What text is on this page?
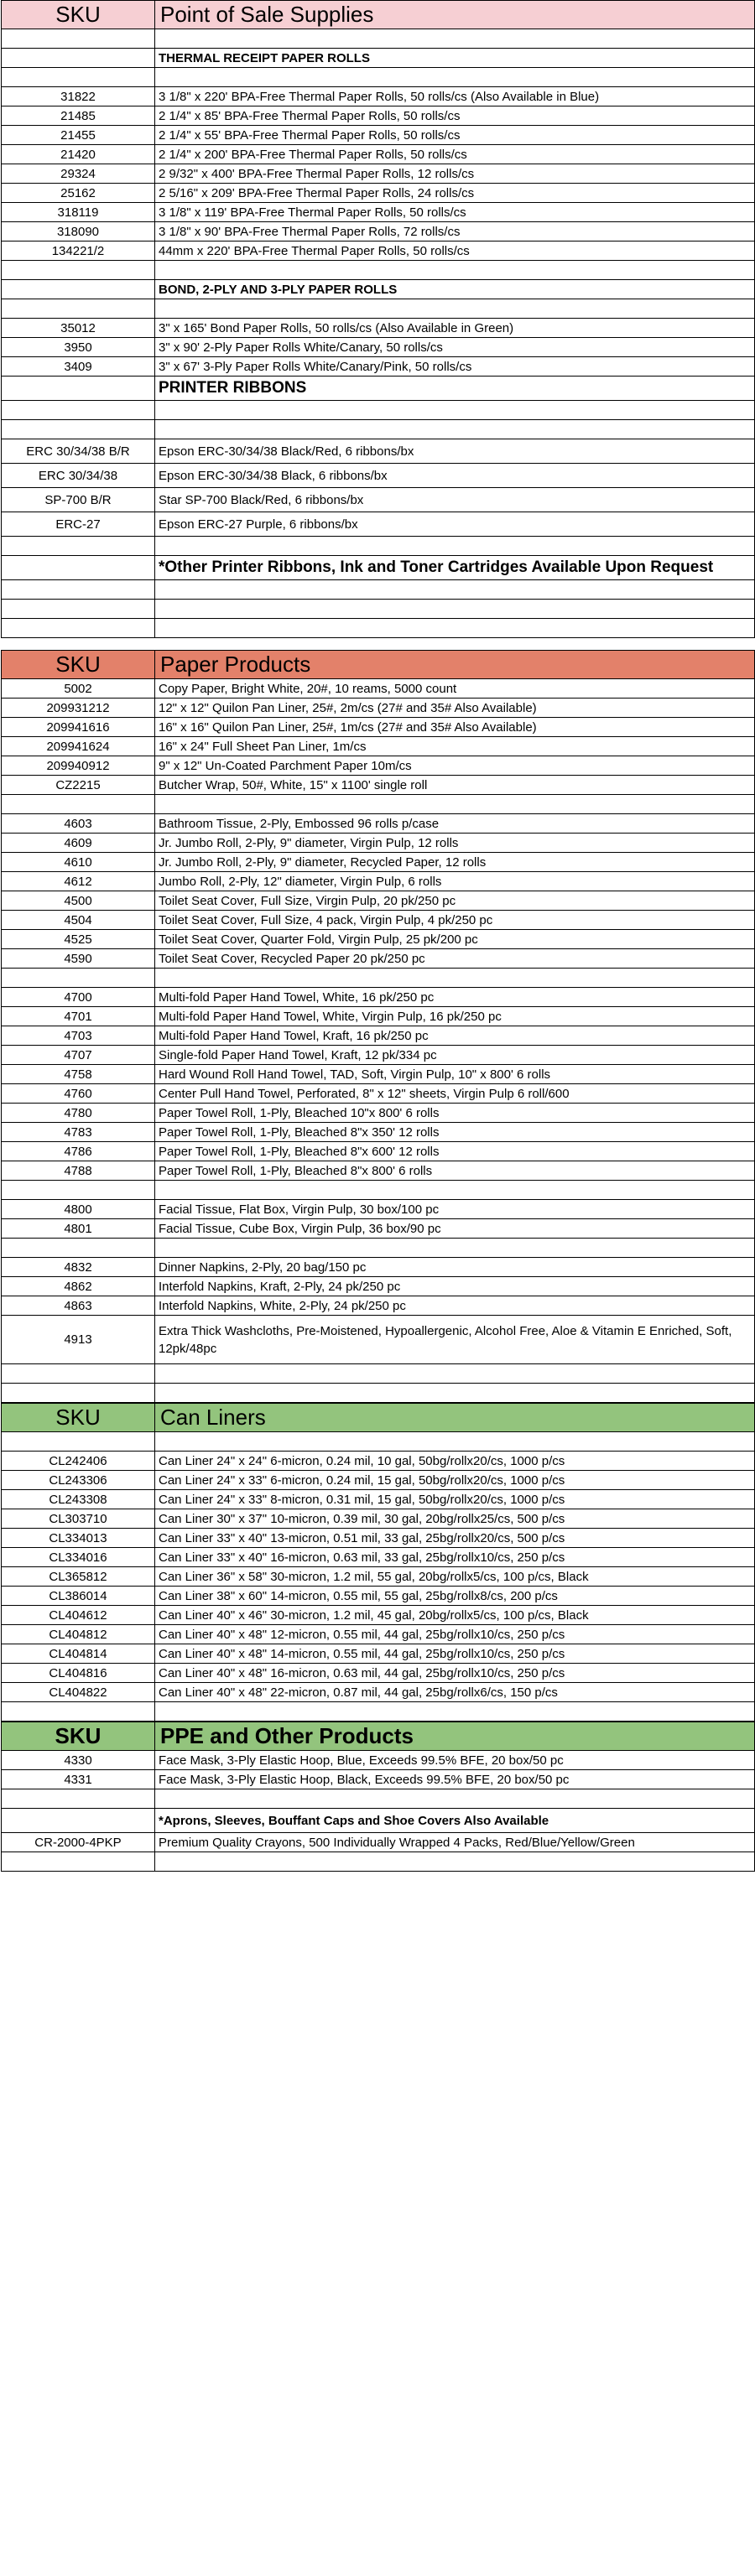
SKU	Point of Sale Supplies

	THERMAL RECEIPT PAPER ROLLS

31822	3 1/8" x 220' BPA-Free Thermal Paper Rolls, 50 rolls/cs (Also Available in Blue)
21485	2 1/4" x 85' BPA-Free Thermal Paper Rolls, 50 rolls/cs
21455	2 1/4" x 55' BPA-Free Thermal Paper Rolls, 50 rolls/cs
21420	2 1/4" x 200' BPA-Free Thermal Paper Rolls, 50 rolls/cs
29324	2 9/32" x 400' BPA-Free Thermal Paper Rolls, 12 rolls/cs
25162	2 5/16" x 209' BPA-Free Thermal Paper Rolls, 24 rolls/cs
318119	3 1/8" x 119' BPA-Free Thermal Paper Rolls, 50 rolls/cs
318090	3 1/8" x 90' BPA-Free Thermal Paper Rolls, 72 rolls/cs
134221/2	44mm x 220' BPA-Free Thermal Paper Rolls, 50 rolls/cs

	BOND, 2-PLY AND 3-PLY PAPER ROLLS

35012	3" x 165' Bond Paper Rolls, 50 rolls/cs (Also Available in Green)
3950	3" x 90' 2-Ply Paper Rolls White/Canary, 50 rolls/cs
3409	3" x 67' 3-Ply Paper Rolls White/Canary/Pink, 50 rolls/cs
	PRINTER RIBBONS

ERC 30/34/38 B/R	Epson ERC-30/34/38 Black/Red, 6 ribbons/bx
ERC 30/34/38	Epson ERC-30/34/38 Black, 6 ribbons/bx
SP-700 B/R	Star SP-700 Black/Red, 6 ribbons/bx
ERC-27	Epson ERC-27 Purple, 6 ribbons/bx

	*Other Printer Ribbons, Ink and Toner Cartridges Available Upon Request

SKU	Paper Products
5002	Copy Paper, Bright White, 20#, 10 reams, 5000 count
209931212	12" x 12" Quilon Pan Liner, 25#, 2m/cs (27# and 35# Also Available)
209941616	16" x 16" Quilon Pan Liner, 25#, 1m/cs (27# and 35# Also Available)
209941624	16" x 24" Full Sheet Pan Liner, 1m/cs
209940912	9" x 12" Un-Coated Parchment Paper 10m/cs
CZ2215	Butcher Wrap, 50#, White, 15" x 1100' single roll

4603	Bathroom Tissue, 2-Ply, Embossed 96 rolls p/case
4609	Jr. Jumbo Roll, 2-Ply, 9" diameter, Virgin Pulp, 12 rolls
4610	Jr. Jumbo Roll, 2-Ply, 9" diameter, Recycled Paper, 12 rolls
4612	Jumbo Roll, 2-Ply, 12" diameter, Virgin Pulp, 6 rolls
4500	Toilet Seat Cover, Full Size, Virgin Pulp, 20 pk/250 pc
4504	Toilet Seat Cover, Full Size, 4 pack, Virgin Pulp, 4 pk/250 pc
4525	Toilet Seat Cover, Quarter Fold, Virgin Pulp, 25 pk/200 pc
4590	Toilet Seat Cover, Recycled Paper 20 pk/250 pc

4700	Multi-fold Paper Hand Towel, White, 16 pk/250 pc
4701	Multi-fold Paper Hand Towel, White, Virgin Pulp, 16 pk/250 pc
4703	Multi-fold Paper Hand Towel, Kraft, 16 pk/250 pc
4707	Single-fold Paper Hand Towel, Kraft, 12 pk/334 pc
4758	Hard Wound Roll Hand Towel, TAD, Soft, Virgin Pulp, 10" x 800' 6 rolls
4760	Center Pull Hand Towel, Perforated, 8" x 12" sheets, Virgin Pulp 6 roll/600
4780	Paper Towel Roll, 1-Ply, Bleached 10"x 800' 6 rolls
4783	Paper Towel Roll, 1-Ply, Bleached 8"x 350' 12 rolls
4786	Paper Towel Roll, 1-Ply, Bleached 8"x 600' 12 rolls
4788	Paper Towel Roll, 1-Ply, Bleached 8"x 800' 6 rolls

4800	Facial Tissue, Flat Box, Virgin Pulp, 30 box/100 pc
4801	Facial Tissue, Cube Box, Virgin Pulp, 36 box/90 pc

4832	Dinner Napkins, 2-Ply, 20 bag/150 pc
4862	Interfold Napkins, Kraft, 2-Ply, 24 pk/250 pc
4863	Interfold Napkins, White, 2-Ply, 24 pk/250 pc
4913	Extra Thick Washcloths, Pre-Moistened, Hypoallergenic, Alcohol Free, Aloe & Vitamin E Enriched, Soft, 12pk/48pc

SKU	Can Liners

CL242406	Can Liner 24" x 24" 6-micron, 0.24 mil, 10 gal, 50bg/rollx20/cs, 1000 p/cs
CL243306	Can Liner 24" x 33" 6-micron, 0.24 mil, 15 gal, 50bg/rollx20/cs, 1000 p/cs
CL243308	Can Liner 24" x 33" 8-micron, 0.31 mil, 15 gal, 50bg/rollx20/cs, 1000 p/cs
CL303710	Can Liner 30" x 37" 10-micron, 0.39 mil, 30 gal, 20bg/rollx25/cs, 500 p/cs
CL334013	Can Liner 33" x 40" 13-micron, 0.51 mil, 33 gal, 25bg/rollx20/cs, 500 p/cs
CL334016	Can Liner 33" x 40" 16-micron, 0.63 mil, 33 gal, 25bg/rollx10/cs, 250 p/cs
CL365812	Can Liner 36" x 58" 30-micron, 1.2 mil, 55 gal, 20bg/rollx5/cs, 100 p/cs, Black
CL386014	Can Liner 38" x 60" 14-micron, 0.55 mil, 55 gal, 25bg/rollx8/cs, 200 p/cs
CL404612	Can Liner 40" x 46" 30-micron, 1.2 mil, 45 gal, 20bg/rollx5/cs, 100 p/cs, Black
CL404812	Can Liner 40" x 48" 12-micron, 0.55 mil, 44 gal, 25bg/rollx10/cs, 250 p/cs
CL404814	Can Liner 40" x 48" 14-micron, 0.55 mil, 44 gal, 25bg/rollx10/cs, 250 p/cs
CL404816	Can Liner 40" x 48" 16-micron, 0.63 mil, 44 gal, 25bg/rollx10/cs, 250 p/cs
CL404822	Can Liner 40" x 48" 22-micron, 0.87 mil, 44 gal, 25bg/rollx6/cs, 150 p/cs

SKU	PPE and Other Products
4330	Face Mask, 3-Ply Elastic Hoop, Blue, Exceeds 99.5% BFE, 20 box/50 pc
4331	Face Mask, 3-Ply Elastic Hoop, Black, Exceeds 99.5% BFE, 20 box/50 pc

	*Aprons, Sleeves, Bouffant Caps and Shoe Covers Also Available
CR-2000-4PKP	Premium Quality Crayons, 500 Individually Wrapped 4 Packs, Red/Blue/Yellow/Green
